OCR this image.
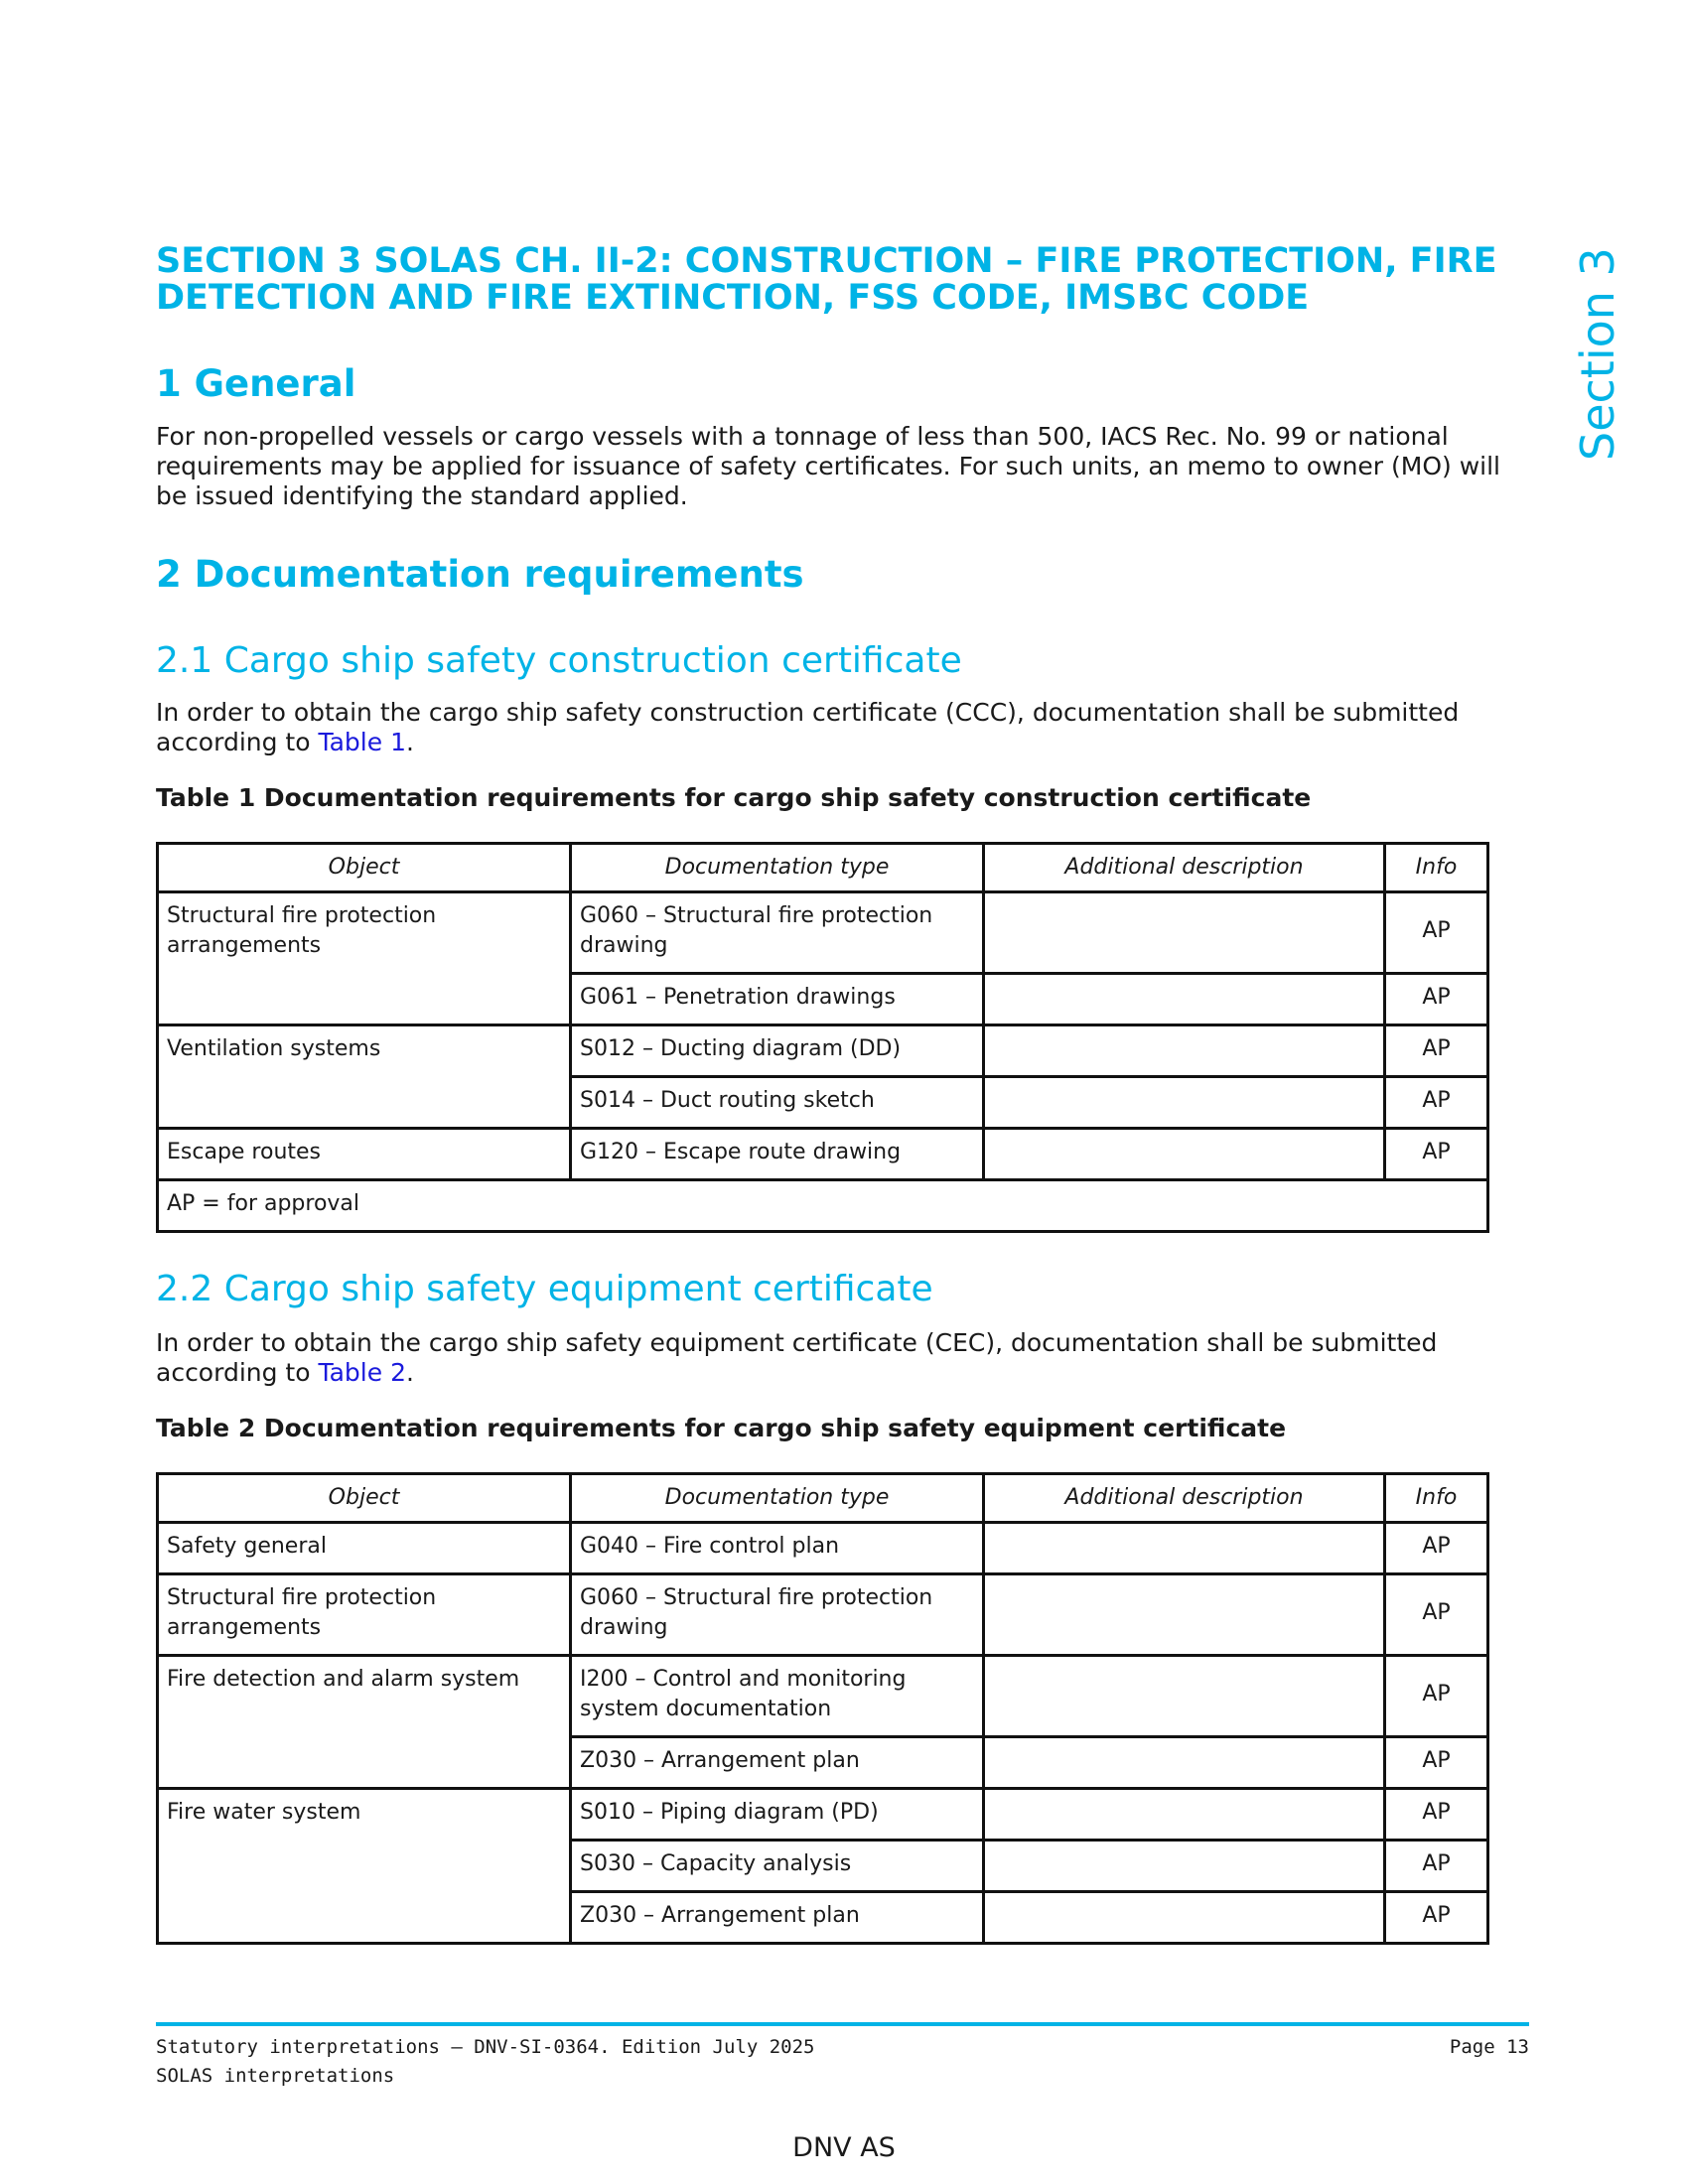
SECTION 3 SOLAS CH. II-2: CONSTRUCTION – FIRE PROTECTION, FIRE DETECTION AND FIRE EXTINCTION, FSS CODE, IMSBC CODE	Section 3
1 General

For non-propelled vessels or cargo vessels with a tonnage of less than 500, IACS Rec. No. 99 or national requirements may be applied for issuance of safety certificates. For such units, an memo to owner (MO) will be issued identifying the standard applied.

2 Documentation requirements
2.1 Cargo ship safety construction certificate

In order to obtain the cargo ship safety construction certificate (CCC), documentation shall be submitted according to Table 1.

Table 1 Documentation requirements for cargo ship safety construction certificate
Object	Documentation type	Additional description	Info
Structural fire protection arrangements	G060 – Structural fire protection drawing		AP
	G061 – Penetration drawings		AP
Ventilation systems	S012 – Ducting diagram (DD)		AP
	S014 – Duct routing sketch		AP
Escape routes	G120 – Escape route drawing		AP
AP = for approval			
2.2 Cargo ship safety equipment certificate

In order to obtain the cargo ship safety equipment certificate (CEC), documentation shall be submitted according to Table 2.

Table 2 Documentation requirements for cargo ship safety equipment certificate
Object	Documentation type	Additional description	Info
Safety general	G040 – Fire control plan		AP
Structural fire protection arrangements	G060 – Structural fire protection drawing		AP
Fire detection and alarm system	I200 – Control and monitoring system documentation		AP
	Z030 – Arrangement plan		AP
Fire water system	S010 – Piping diagram (PD)		AP
	S030 – Capacity analysis		AP
	Z030 – Arrangement plan		AP
Statutory interpretations — DNV-SI-0364. Edition July 2025
SOLAS interpretations
Page 13
DNV AS
